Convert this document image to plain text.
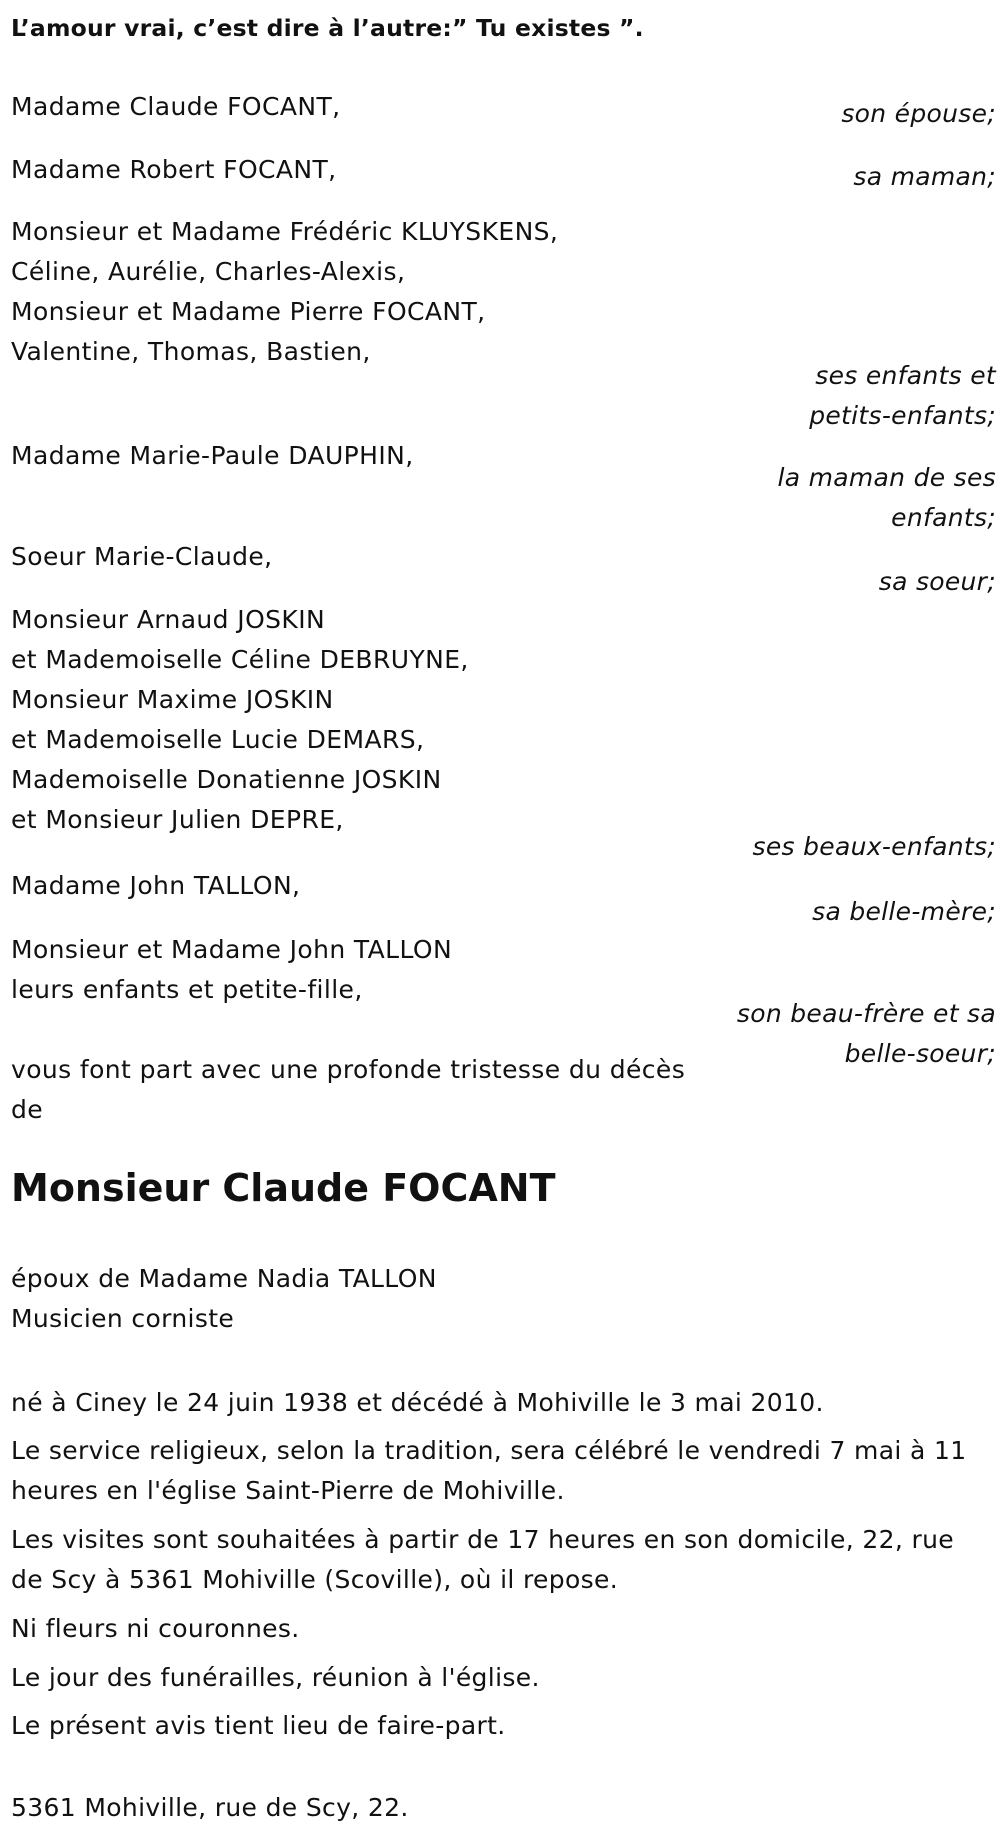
L’amour vrai, c’est dire à l’autre:” Tu existes ”.
Madame Claude FOCANT,	son épouse;
Madame Robert FOCANT,	sa maman;
Monsieur et Madame Frédéric KLUYSKENS,
Céline, Aurélie, Charles-Alexis,
Monsieur et Madame Pierre FOCANT,
Valentine, Thomas, Bastien,
ses enfants et
petits-enfants;
Madame Marie-Paule DAUPHIN,
la maman de ses
enfants;
Soeur Marie-Claude,
sa soeur;
Monsieur Arnaud JOSKIN
et Mademoiselle Céline DEBRUYNE,
Monsieur Maxime JOSKIN
et Mademoiselle Lucie DEMARS,
Mademoiselle Donatienne JOSKIN
et Monsieur Julien DEPRE,
ses beaux-enfants;
Madame John TALLON,
sa belle-mère;
Monsieur et Madame John TALLON
leurs enfants et petite-fille,
son beau-frère et sa
belle-soeur;
vous font part avec une profonde tristesse du décès
de
Monsieur Claude FOCANT
époux de Madame Nadia TALLON
Musicien corniste
né à Ciney le 24 juin 1938 et décédé à Mohiville le 3 mai 2010.
Le service religieux, selon la tradition, sera célébré le vendredi 7 mai à 11
heures en l'église Saint-Pierre de Mohiville.
Les visites sont souhaitées à partir de 17 heures en son domicile, 22, rue
de Scy à 5361 Mohiville (Scoville), où il repose.
Ni fleurs ni couronnes.
Le jour des funérailles, réunion à l'église.
Le présent avis tient lieu de faire-part.
5361 Mohiville, rue de Scy, 22.
